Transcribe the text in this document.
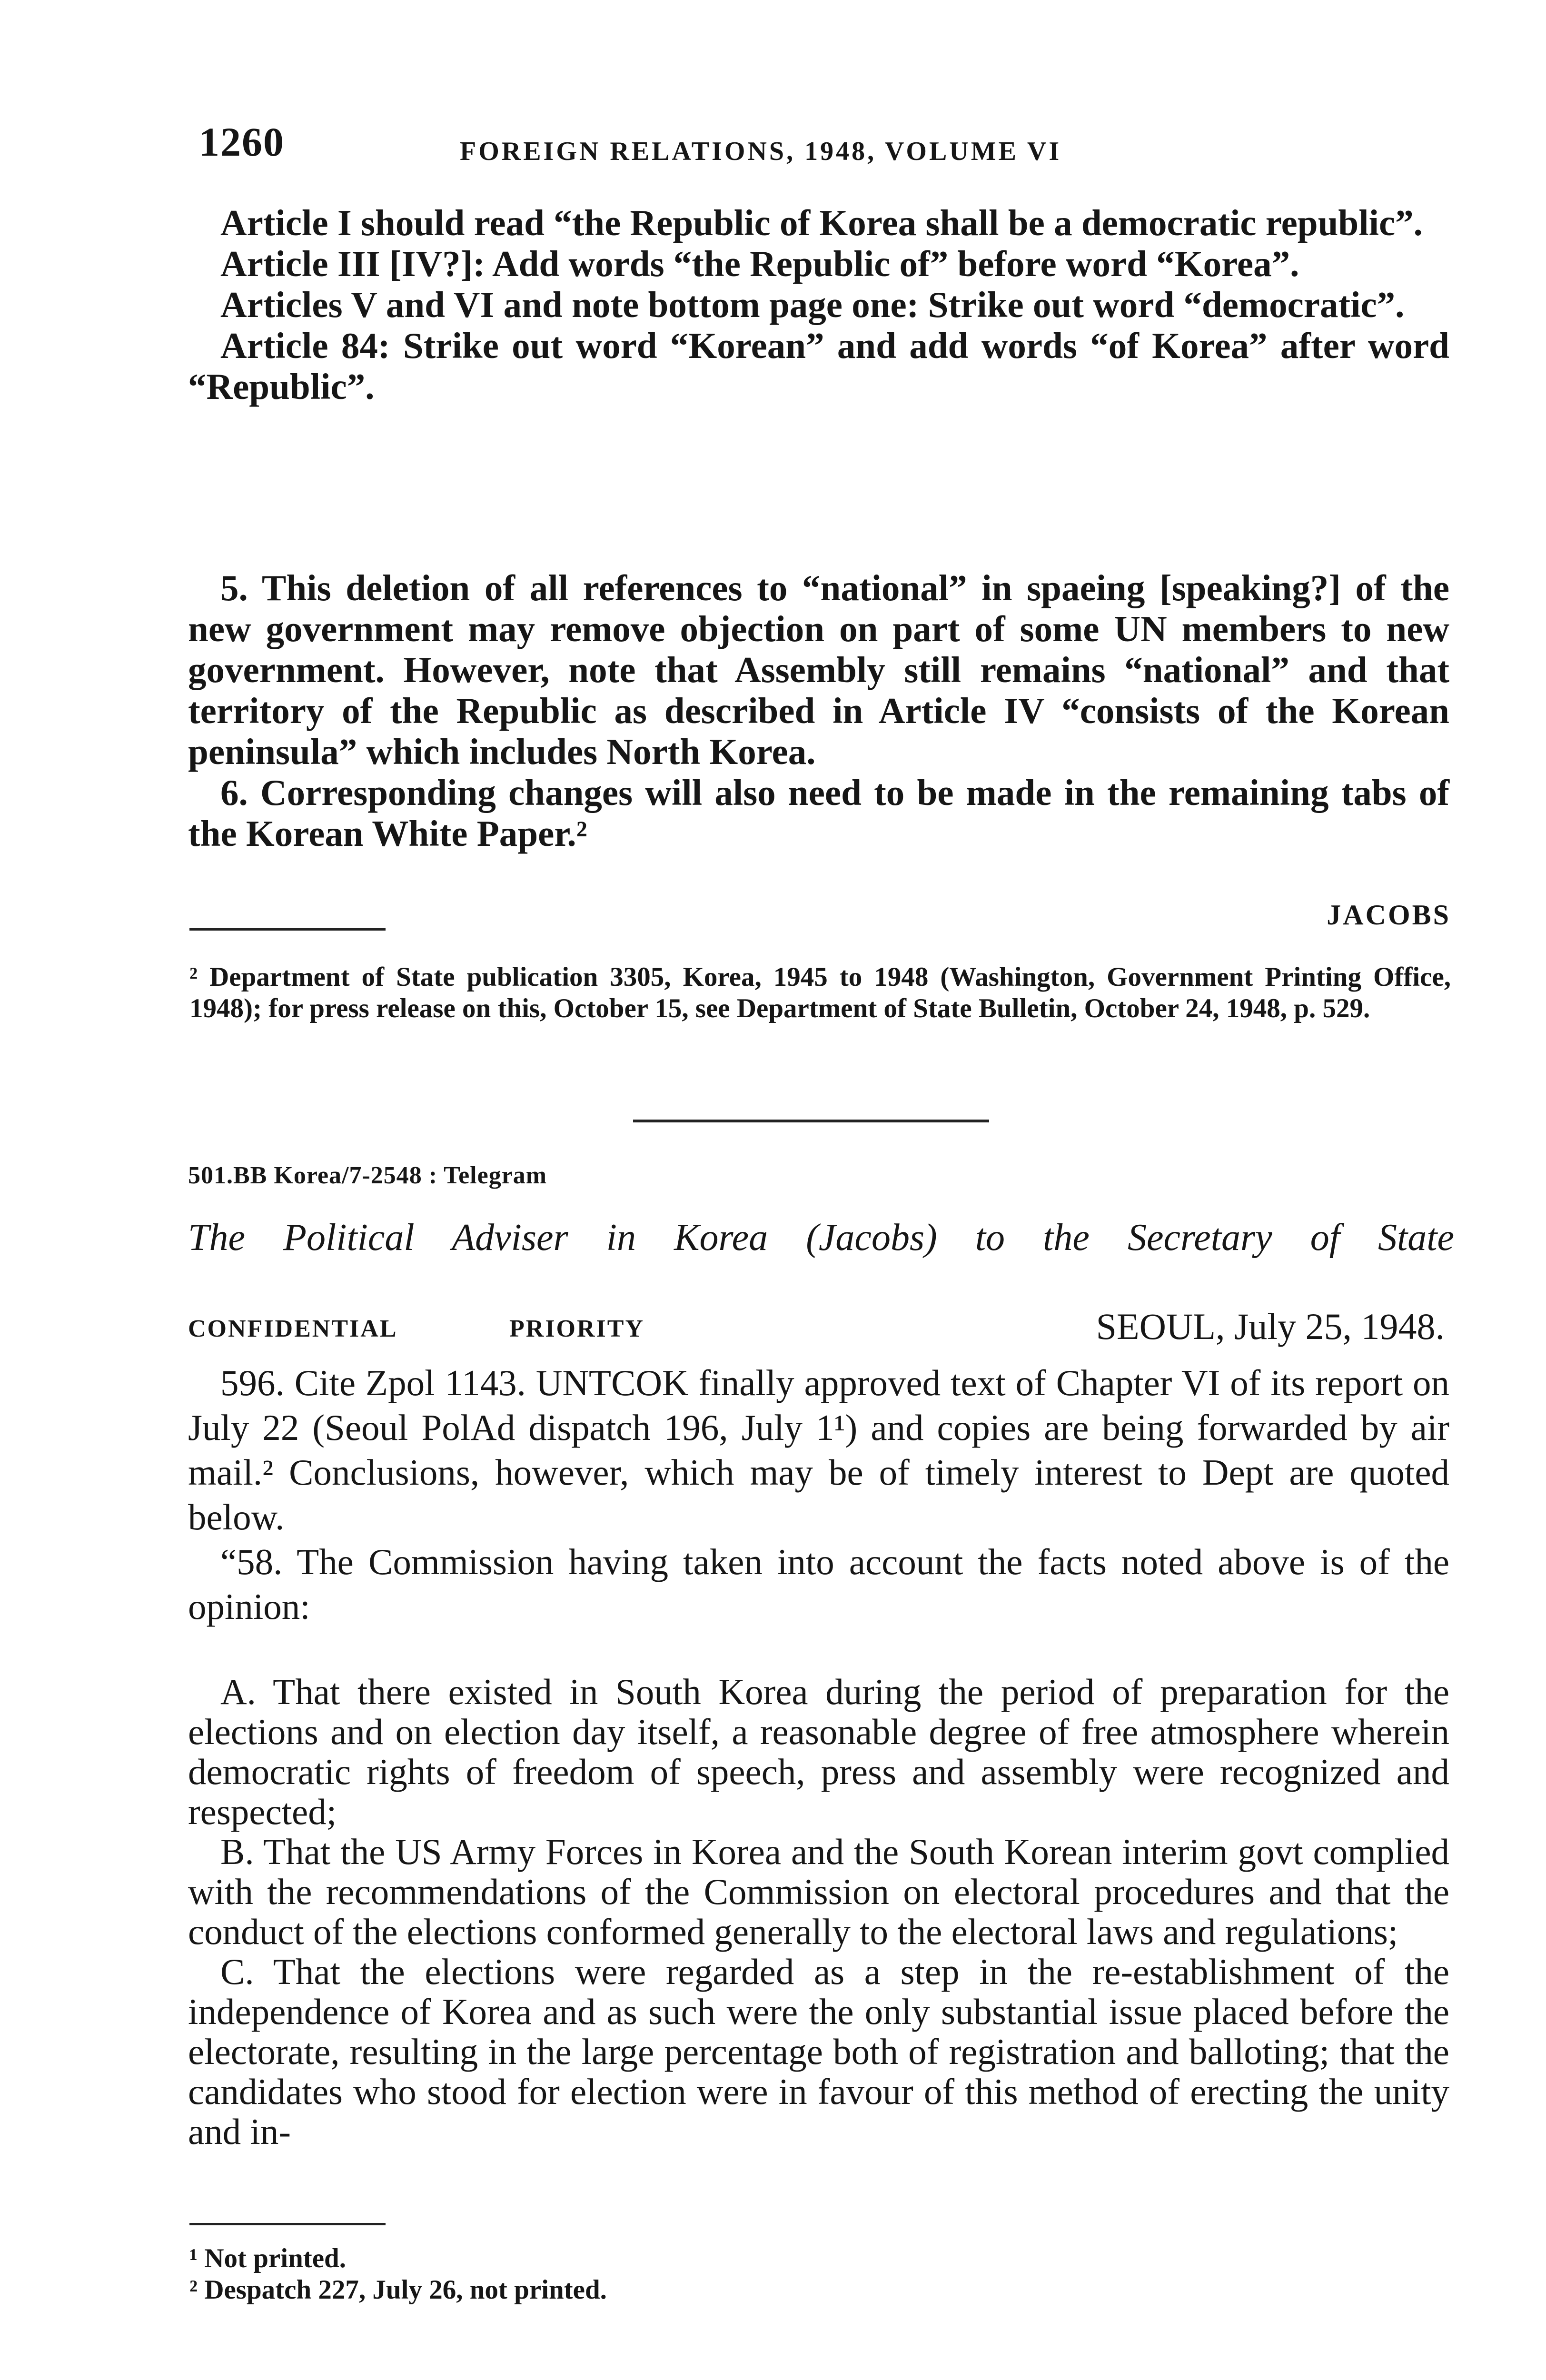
1260	FOREIGN RELATIONS, 1948, VOLUME VI

Article I should read “the Republic of Korea shall be a democratic republic”.

Article III [IV?]: Add words “the Republic of” before word “Korea”.

Articles V and VI and note bottom page one: Strike out word “democratic”.

Article 84: Strike out word “Korean” and add words “of Korea” after word “Republic”.

5. This deletion of all references to “national” in spaeing [speaking?] of the new government may remove objection on part of some UN members to new government. However, note that Assembly still remains “national” and that territory of the Republic as described in Article IV “consists of the Korean peninsula” which includes North Korea.

6. Corresponding changes will also need to be made in the remaining tabs of the Korean White Paper.²

JACOBS
² Department of State publication 3305, Korea, 1945 to 1948 (Washington, Government Printing Office, 1948); for press release on this, October 15, see Department of State Bulletin, October 24, 1948, p. 529.
501.BB Korea/7-2548 : Telegram
The Political Adviser in Korea (Jacobs) to the Secretary of State
CONFIDENTIAL	PRIORITY	SEOUL, July 25, 1948.

596. Cite Zpol 1143. UNTCOK finally approved text of Chapter VI of its report on July 22 (Seoul PolAd dispatch 196, July 1¹) and copies are being forwarded by air mail.² Conclusions, however, which may be of timely interest to Dept are quoted below.

“58. The Commission having taken into account the facts noted above is of the opinion:

A. That there existed in South Korea during the period of preparation for the elections and on election day itself, a reasonable degree of free atmosphere wherein democratic rights of freedom of speech, press and assembly were recognized and respected;

B. That the US Army Forces in Korea and the South Korean interim govt complied with the recommendations of the Commission on electoral procedures and that the conduct of the elections conformed generally to the electoral laws and regulations;

C. That the elections were regarded as a step in the re-establishment of the independence of Korea and as such were the only substantial issue placed before the electorate, resulting in the large percentage both of registration and balloting; that the candidates who stood for election were in favour of this method of erecting the unity and in-

¹ Not printed.
² Despatch 227, July 26, not printed.
